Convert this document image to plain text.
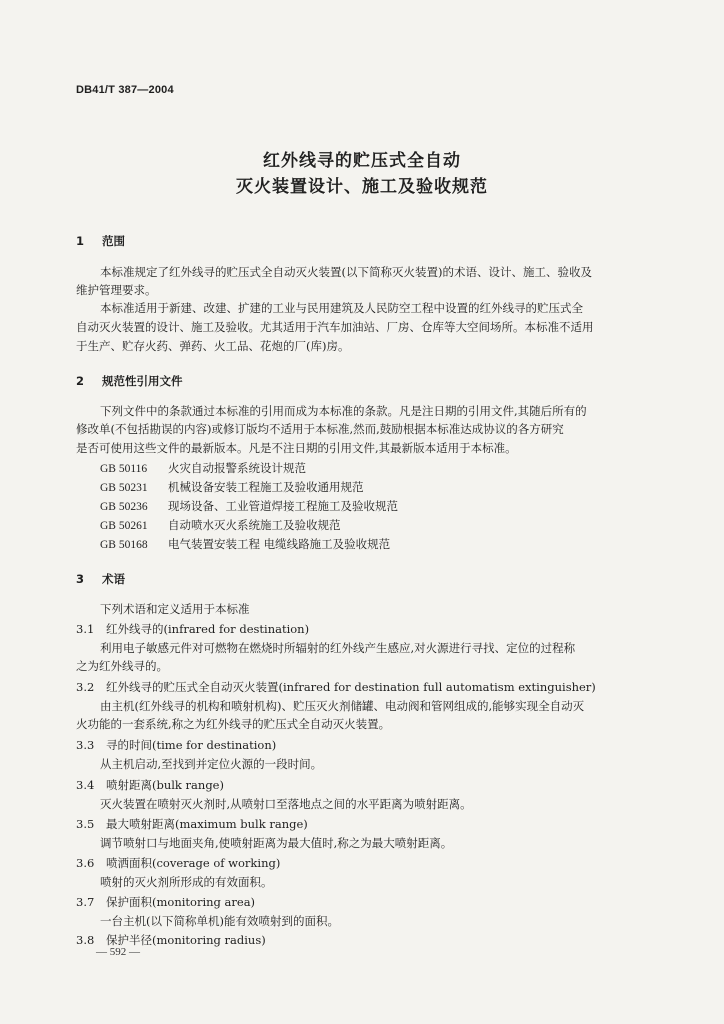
DB41/T 387—2004
红外线寻的贮压式全自动
灭火装置设计、施工及验收规范
1 范围
本标准规定了红外线寻的贮压式全自动灭火装置(以下简称灭火装置)的术语、设计、施工、验收及
维护管理要求。
本标准适用于新建、改建、扩建的工业与民用建筑及人民防空工程中设置的红外线寻的贮压式全
自动灭火装置的设计、施工及验收。尤其适用于汽车加油站、厂房、仓库等大空间场所。本标准不适用
于生产、贮存火药、弹药、火工品、花炮的厂(库)房。
2 规范性引用文件
下列文件中的条款通过本标准的引用而成为本标准的条款。凡是注日期的引用文件,其随后所有的
修改单(不包括勘误的内容)或修订版均不适用于本标准,然而,鼓励根据本标准达成协议的各方研究
是否可使用这些文件的最新版本。凡是不注日期的引用文件,其最新版本适用于本标准。
GB 50116 火灾自动报警系统设计规范
GB 50231 机械设备安装工程施工及验收通用规范
GB 50236 现场设备、工业管道焊接工程施工及验收规范
GB 50261 自动喷水灭火系统施工及验收规范
GB 50168 电气装置安装工程 电缆线路施工及验收规范
3 术语
下列术语和定义适用于本标准
3.1 红外线寻的(infrared for destination)
利用电子敏感元件对可燃物在燃烧时所辐射的红外线产生感应,对火源进行寻找、定位的过程称
之为红外线寻的。
3.2 红外线寻的贮压式全自动灭火装置(infrared for destination full automatism extinguisher)
由主机(红外线寻的机构和喷射机构)、贮压灭火剂储罐、电动阀和管网组成的,能够实现全自动灭
火功能的一套系统,称之为红外线寻的贮压式全自动灭火装置。
3.3 寻的时间(time for destination)
从主机启动,至找到并定位火源的一段时间。
3.4 喷射距离(bulk range)
灭火装置在喷射灭火剂时,从喷射口至落地点之间的水平距离为喷射距离。
3.5 最大喷射距离(maximum bulk range)
调节喷射口与地面夹角,使喷射距离为最大值时,称之为最大喷射距离。
3.6 喷洒面积(coverage of working)
喷射的灭火剂所形成的有效面积。
3.7 保护面积(monitoring area)
一台主机(以下简称单机)能有效喷射到的面积。
3.8 保护半径(monitoring radius)
— 592 —
